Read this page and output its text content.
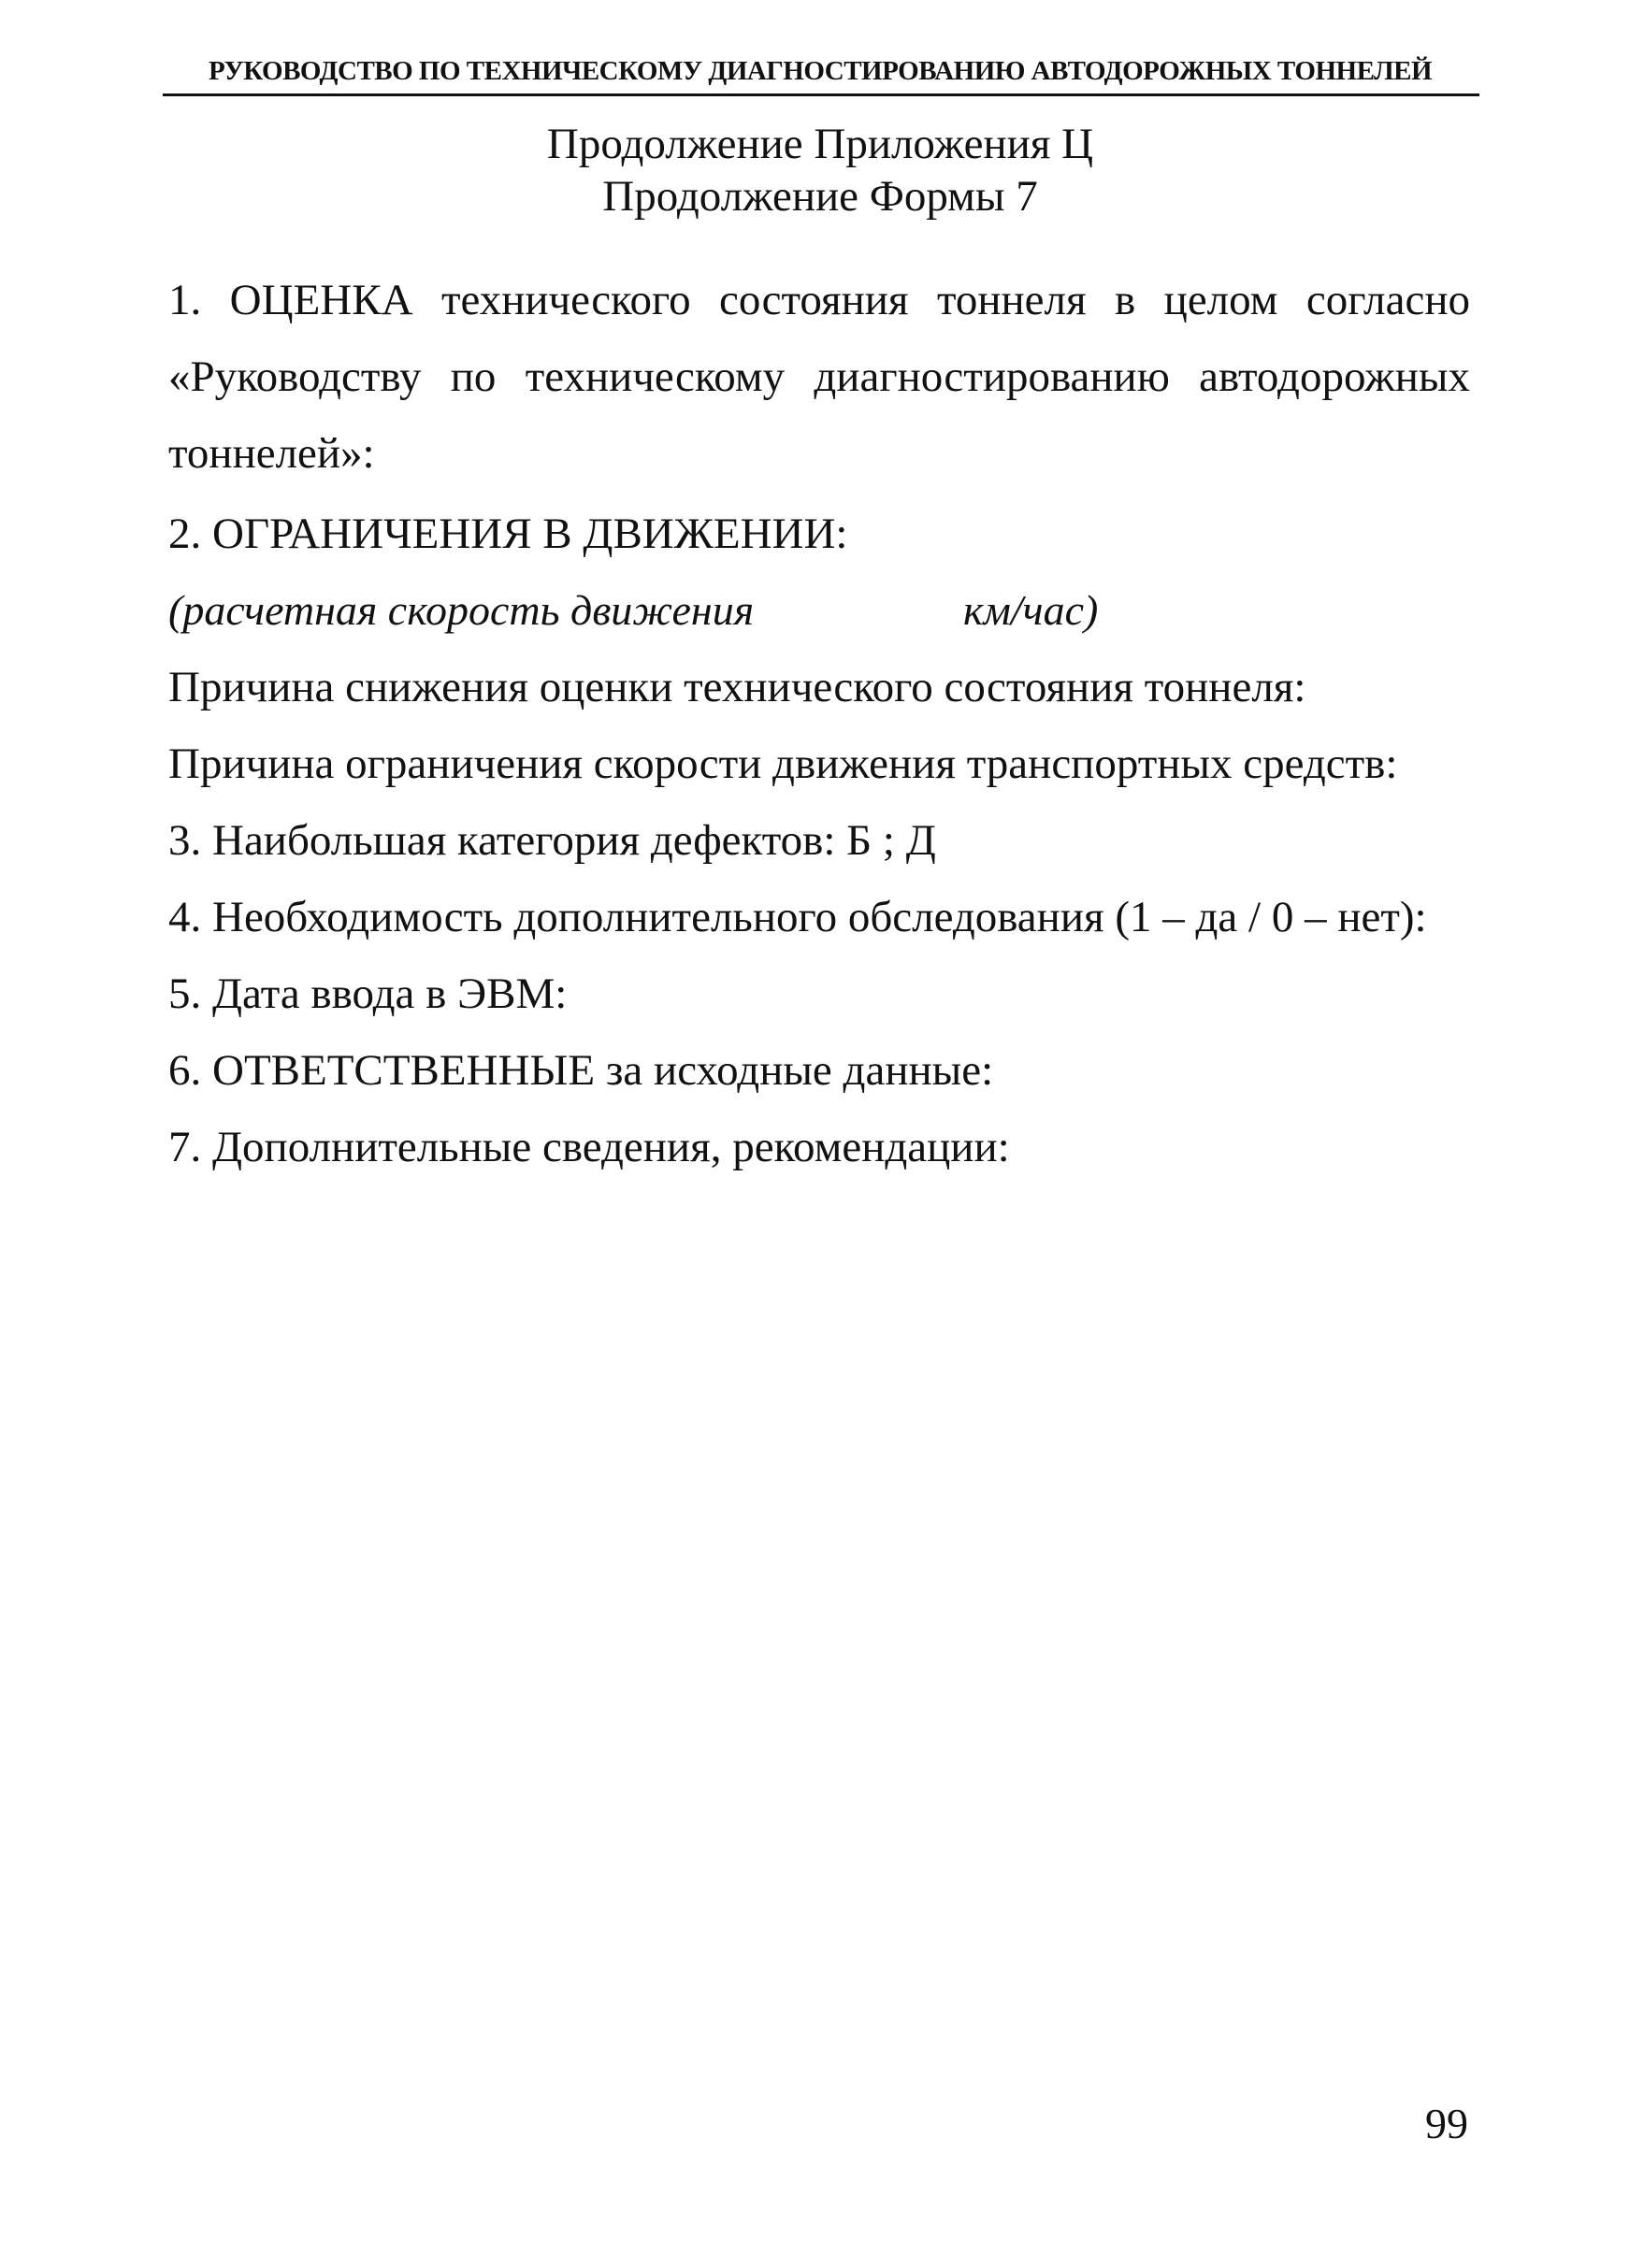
РУКОВОДСТВО ПО ТЕХНИЧЕСКОМУ ДИАГНОСТИРОВАНИЮ АВТОДОРОЖНЫХ ТОННЕЛЕЙ
Продолжение Приложения Ц
Продолжение Формы 7
1. ОЦЕНКА технического состояния тоннеля в целом согласно «Руководству по техническому диагностированию автодорожных тоннелей»:
2. ОГРАНИЧЕНИЯ В ДВИЖЕНИИ:
(расчетная скорость движения	км/час)
Причина снижения оценки технического состояния тоннеля:
Причина ограничения скорости движения транспортных средств:
3. Наибольшая категория дефектов: Б ; Д
4. Необходимость дополнительного обследования (1 – да / 0 – нет):
5. Дата ввода в ЭВМ:
6. ОТВЕТСТВЕННЫЕ за исходные данные:
7. Дополнительные сведения, рекомендации:
99
